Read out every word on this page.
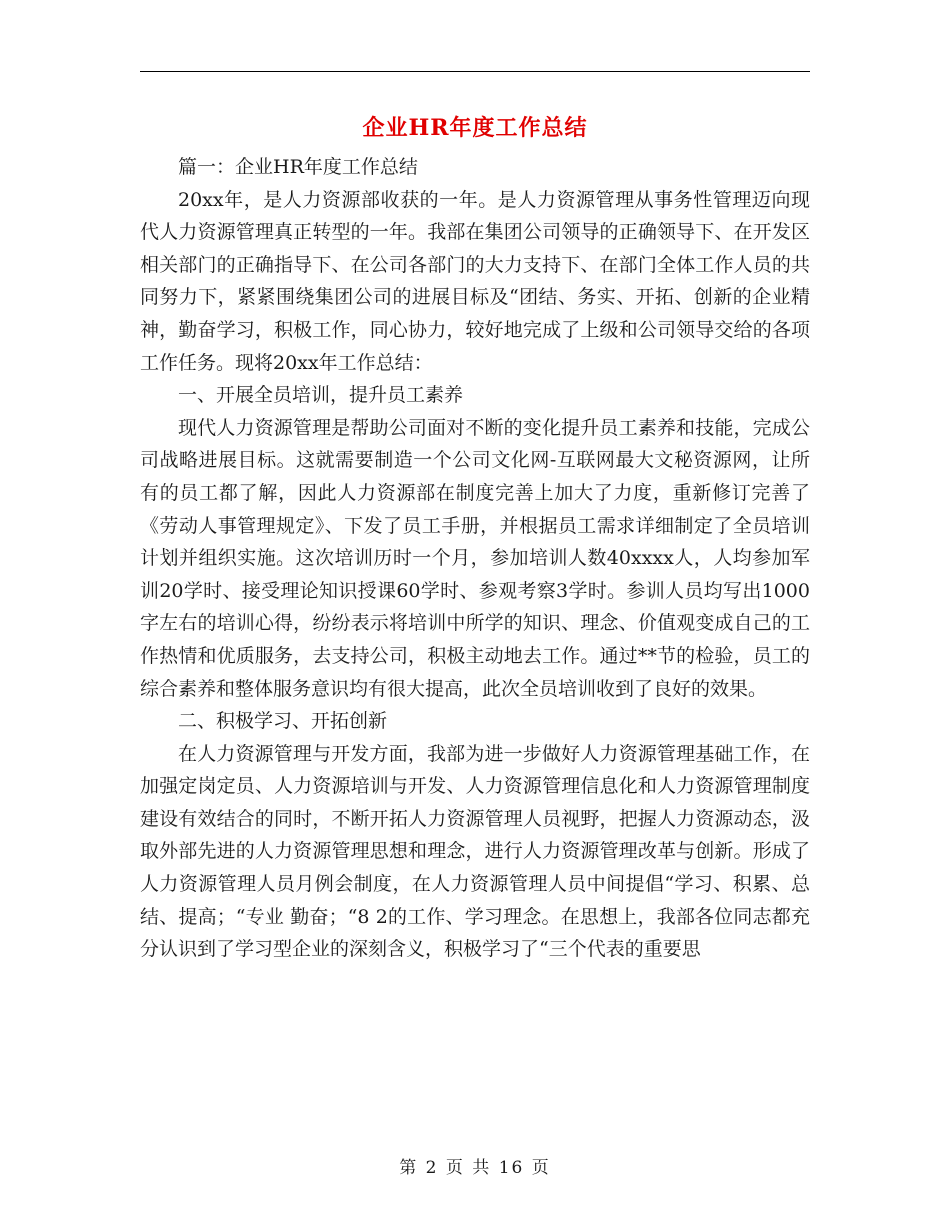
企业HR年度工作总结

篇一：企业HR年度工作总结

20xx年，是人力资源部收获的一年。是人力资源管理从事务性管理迈向现代人力资源管理真正转型的一年。我部在集团公司领导的正确领导下、在开发区相关部门的正确指导下、在公司各部门的大力支持下、在部门全体工作人员的共同努力下，紧紧围绕集团公司的进展目标及“团结、务实、开拓、创新的企业精神，勤奋学习，积极工作，同心协力，较好地完成了上级和公司领导交给的各项工作任务。现将20xx年工作总结：

一、开展全员培训，提升员工素养

现代人力资源管理是帮助公司面对不断的变化提升员工素养和技能，完成公司战略进展目标。这就需要制造一个公司文化网-互联网最大文秘资源网，让所有的员工都了解，因此人力资源部在制度完善上加大了力度，重新修订完善了《劳动人事管理规定》、下发了员工手册，并根据员工需求详细制定了全员培训计划并组织实施。这次培训历时一个月，参加培训人数40xxxx人，人均参加军训20学时、接受理论知识授课60学时、参观考察3学时。参训人员均写出1000字左右的培训心得，纷纷表示将培训中所学的知识、理念、价值观变成自己的工作热情和优质服务，去支持公司，积极主动地去工作。通过**节的检验，员工的综合素养和整体服务意识均有很大提高，此次全员培训收到了良好的效果。

二、积极学习、开拓创新

在人力资源管理与开发方面，我部为进一步做好人力资源管理基础工作，在加强定岗定员、人力资源培训与开发、人力资源管理信息化和人力资源管理制度建设有效结合的同时，不断开拓人力资源管理人员视野，把握人力资源动态，汲取外部先进的人力资源管理思想和理念，进行人力资源管理改革与创新。形成了人力资源管理人员月例会制度，在人力资源管理人员中间提倡“学习、积累、总结、提高；“专业 勤奋；“8 2的工作、学习理念。在思想上，我部各位同志都充分认识到了学习型企业的深刻含义，积极学习了“三个代表的重要思

第 2 页 共 16 页
